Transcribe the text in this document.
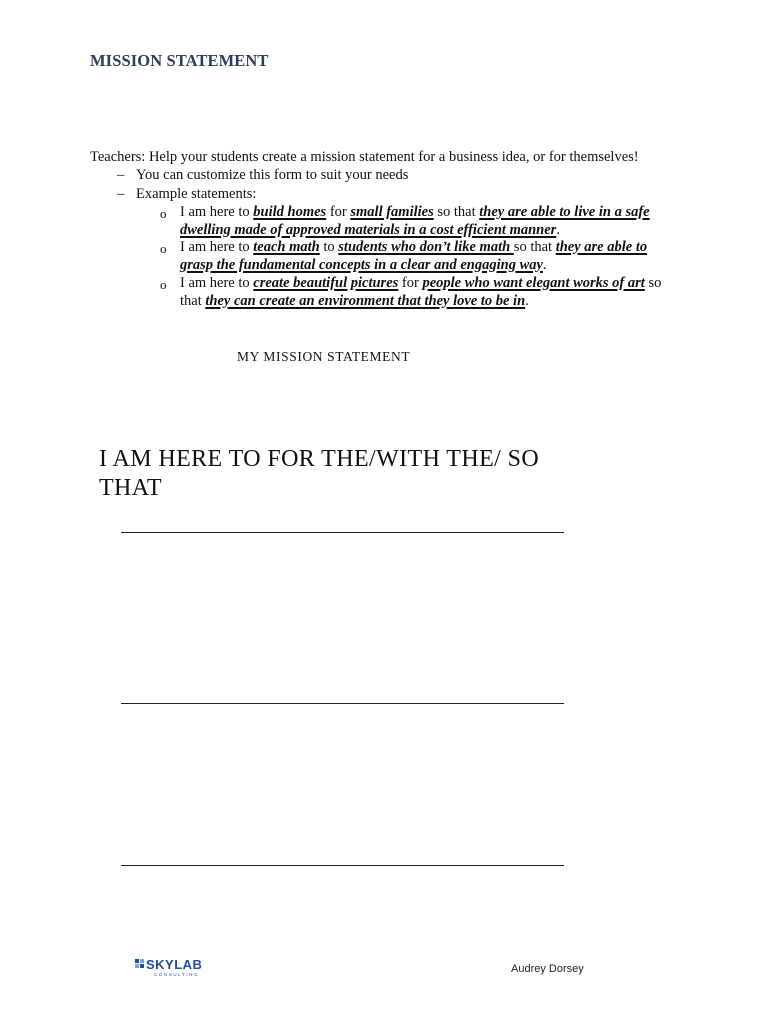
MISSION STATEMENT
Teachers: Help your students create a mission statement for a business idea, or for themselves!
– You can customize this form to suit your needs
– Example statements:
o I am here to build homes for small families so that they are able to live in a safe dwelling made of approved materials in a cost efficient manner.
o I am here to teach math to students who don’t like math so that they are able to grasp the fundamental concepts in a clear and engaging way.
o I am here to create beautiful pictures for people who want elegant works of art so that they can create an environment that they love to be in.
MY MISSION STATEMENT
I AM HERE TO FOR THE/WITH THE/ SO THAT
SKYLAB
CONSULTING	Audrey Dorsey
